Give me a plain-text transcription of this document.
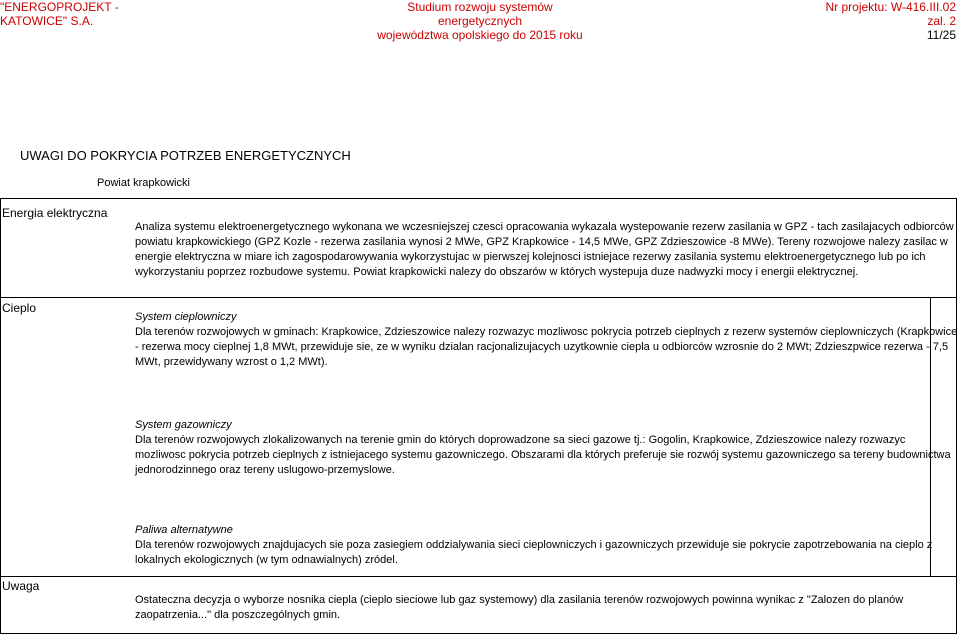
"ENERGOPROJEKT -
KATOWICE" S.A.
Studium rozwoju systemów energetycznych
województwa opolskiego do 2015 roku
Nr projektu: W-416.III.02
zal. 2
11/25
UWAGI DO POKRYCIA POTRZEB ENERGETYCZNYCH
Powiat krapkowicki
Energia elektryczna

Analiza systemu elektroenergetycznego wykonana we wczesniejszej czesci opracowania wykazala wystepowanie rezerw zasilania w GPZ - tach zasilajacych odbiorców

powiatu krapkowickiego (GPZ Kozle - rezerwa zasilania wynosi 2 MWe, GPZ Krapkowice - 14,5 MWe, GPZ Zdzieszowice -8 MWe). Tereny rozwojowe nalezy zasilac w

energie elektryczna w miare ich zagospodarowywania wykorzystujac w pierwszej kolejnosci istniejace rezerwy zasilania systemu elektroenergetycznego lub po ich

wykorzystaniu poprzez rozbudowe systemu. Powiat krapkowicki nalezy do obszarów w których wystepuja duze nadwyzki mocy i energii elektrycznej.

Cieplo

System cieplowniczy

Dla terenów rozwojowych w gminach: Krapkowice, Zdzieszowice nalezy rozwazyc mozliwosc pokrycia potrzeb cieplnych z rezerw systemów cieplowniczych (Krapkowice

- rezerwa mocy cieplnej 1,8 MWt, przewiduje sie, ze w wyniku dzialan racjonalizujacych uzytkownie ciepla u odbiorców wzrosnie do 2 MWt; Zdzieszpwice rezerwa - 7,5

MWt, przewidywany wzrost o 1,2 MWt).

System gazowniczy

Dla terenów rozwojowych zlokalizowanych na terenie gmin do których doprowadzone sa sieci gazowe tj.: Gogolin, Krapkowice, Zdzieszowice nalezy rozwazyc

mozliwosc pokrycia potrzeb cieplnych z istniejacego systemu gazowniczego. Obszarami dla których preferuje sie rozwój systemu gazowniczego sa tereny budownictwa

jednorodzinnego oraz tereny uslugowo-przemyslowe.

Paliwa alternatywne

Dla terenów rozwojowych znajdujacych sie poza zasiegiem oddzialywania sieci cieplowniczych i gazowniczych przewiduje sie pokrycie zapotrzebowania na cieplo z

lokalnych ekologicznych (w tym odnawialnych) zródel.

Uwaga

Ostateczna decyzja o wyborze nosnika ciepla (cieplo sieciowe lub gaz systemowy) dla zasilania terenów rozwojowych powinna wynikac z "Zalozen do planów

zaopatrzenia..." dla poszczególnych gmin.
